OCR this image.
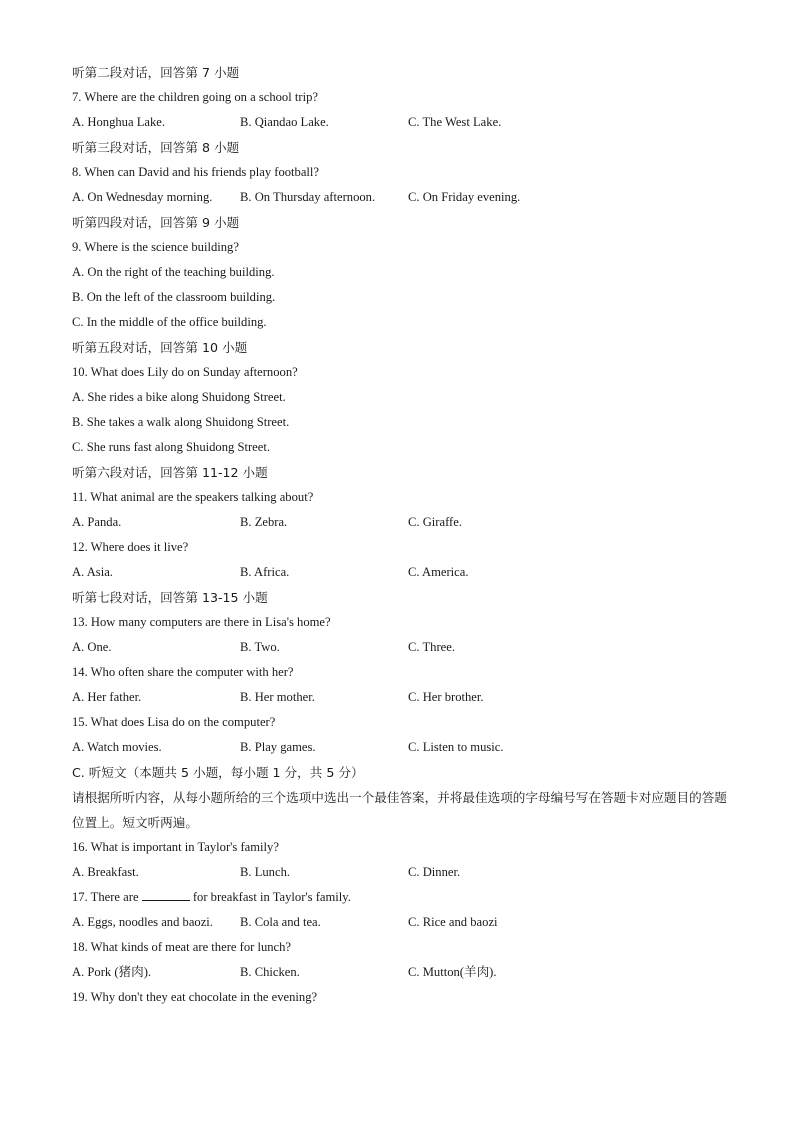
听第二段对话，回答第 7 小题
7. Where are the children going on a school trip?
A. Honghua Lake.	B. Qiandao Lake.	C. The West Lake.
听第三段对话，回答第 8 小题
8. When can David and his friends play football?
A. On Wednesday morning. B. On Thursday afternoon.	C. On Friday evening.
听第四段对话，回答第 9 小题
9. Where is the science building?
A. On the right of the teaching building.
B. On the left of the classroom building.
C. In the middle of the office building.
听第五段对话，回答第 10 小题
10. What does Lily do on Sunday afternoon?
A. She rides a bike along Shuidong Street.
B. She takes a walk along Shuidong Street.
C. She runs fast along Shuidong Street.
听第六段对话，回答第 11-12 小题
11. What animal are the speakers talking about?
A. Panda.	B. Zebra.	C. Giraffe.
12. Where does it live?
A. Asia.	B. Africa.	C. America.
听第七段对话，回答第 13-15 小题
13. How many computers are there in Lisa's home?
A. One.	B. Two.	C. Three.
14. Who often share the computer with her?
A. Her father.	B. Her mother.	C. Her brother.
15. What does Lisa do on the computer?
A. Watch movies.	B. Play games.	C. Listen to music.
C. 听短文（本题共 5 小题，每小题 1 分，共 5 分）
请根据所听内容，从每小题所给的三个选项中选出一个最佳答案，并将最佳选项的字母编号写在答题卡对应题目的答题位置上。短文听两遍。
16. What is important in Taylor's family?
A. Breakfast.	B. Lunch.	C. Dinner.
17. There are	for breakfast in Taylor's family.
A. Eggs, noodles and baozi. B. Cola and tea.	C. Rice and baozi
18. What kinds of meat are there for lunch?
A. Pork (猪肉).	B. Chicken.	C. Mutton(羊肉).
19. Why don't they eat chocolate in the evening?
